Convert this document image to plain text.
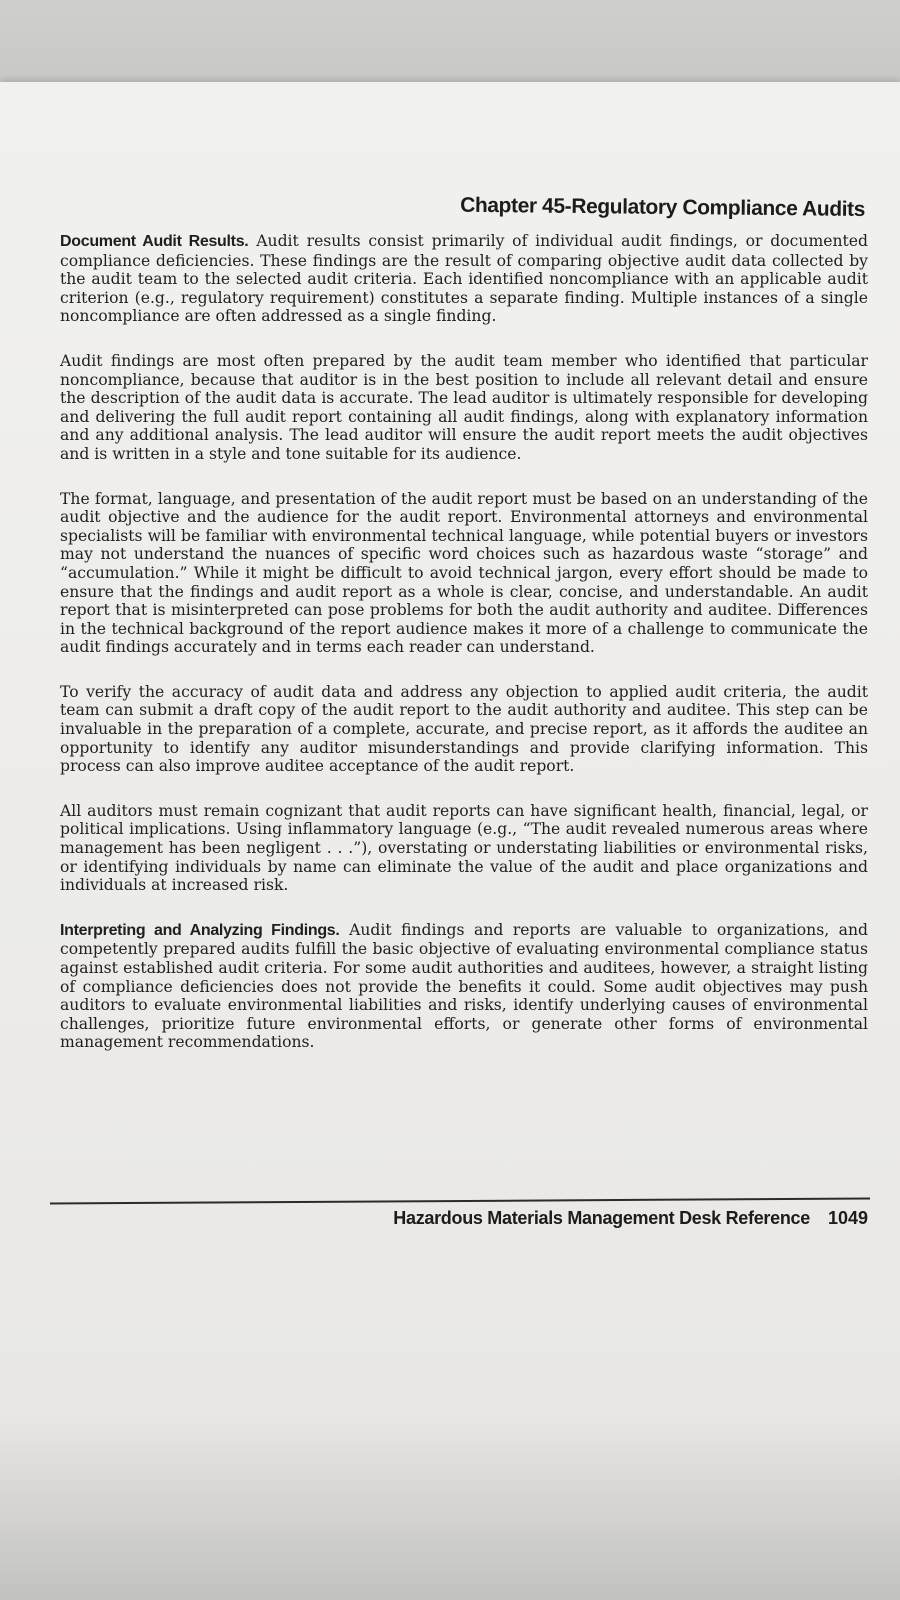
Chapter 45-Regulatory Compliance Audits

Document Audit Results. Audit results consist primarily of individual audit findings, or documented compliance deficiencies. These findings are the result of comparing objective audit data collected by the audit team to the selected audit criteria. Each identified noncompliance with an applicable audit criterion (e.g., regulatory requirement) constitutes a separate finding. Multiple instances of a single noncompliance are often addressed as a single finding.

Audit findings are most often prepared by the audit team member who identified that particular noncompliance, because that auditor is in the best position to include all relevant detail and ensure the description of the audit data is accurate. The lead auditor is ultimately responsible for developing and delivering the full audit report containing all audit findings, along with explanatory information and any additional analysis. The lead auditor will ensure the audit report meets the audit objectives and is written in a style and tone suitable for its audience.

The format, language, and presentation of the audit report must be based on an understanding of the audit objective and the audience for the audit report. Environmental attorneys and environmental specialists will be familiar with environmental technical language, while potential buyers or investors may not understand the nuances of specific word choices such as hazardous waste “storage” and “accumulation.” While it might be difficult to avoid technical jargon, every effort should be made to ensure that the findings and audit report as a whole is clear, concise, and understandable. An audit report that is misinterpreted can pose problems for both the audit authority and auditee. Differences in the technical background of the report audience makes it more of a challenge to communicate the audit findings accurately and in terms each reader can understand.

To verify the accuracy of audit data and address any objection to applied audit criteria, the audit team can submit a draft copy of the audit report to the audit authority and auditee. This step can be invaluable in the preparation of a complete, accurate, and precise report, as it affords the auditee an opportunity to identify any auditor misunderstandings and provide clarifying information. This process can also improve auditee acceptance of the audit report.

All auditors must remain cognizant that audit reports can have significant health, financial, legal, or political implications. Using inflammatory language (e.g., “The audit revealed numerous areas where management has been negligent . . .”), overstating or understating liabilities or environmental risks, or identifying individuals by name can eliminate the value of the audit and place organizations and individuals at increased risk.

Interpreting and Analyzing Findings. Audit findings and reports are valuable to organizations, and competently prepared audits fulfill the basic objective of evaluating environmental compliance status against established audit criteria. For some audit authorities and auditees, however, a straight listing of compliance deficiencies does not provide the benefits it could. Some audit objectives may push auditors to evaluate environmental liabilities and risks, identify underlying causes of environmental challenges, prioritize future environmental efforts, or generate other forms of environmental management recommendations.

Hazardous Materials Management Desk Reference 1049
